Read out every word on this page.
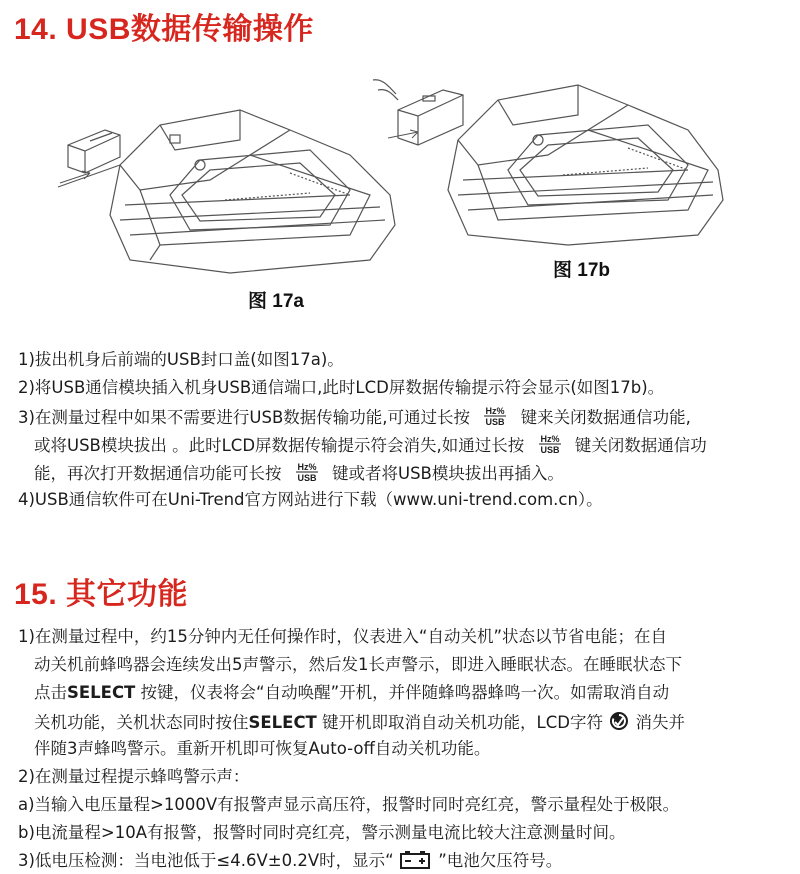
14. USB数据传输操作
图 17a
图 17b
1)拔出机身后前端的USB封口盖(如图17a)。
2)将USB通信模块插入机身USB通信端口,此时LCD屏数据传输提示符会显示(如图17b)。
3)在测量过程中如果不需要进行USB数据传输功能,可通过长按 Hz%
USB 键来关闭数据通信功能,
或将USB模块拔出 。此时LCD屏数据传输提示符会消失,如通过长按 Hz%
USB 键关闭数据通信功
能，再次打开数据通信功能可长按 Hz%
USB 键或者将USB模块拔出再插入。
4)USB通信软件可在Uni-Trend官方网站进行下载（www.uni-trend.com.cn）。
15. 其它功能
1)在测量过程中，约15分钟内无任何操作时，仪表进入“自动关机”状态以节省电能；在自
动关机前蜂鸣器会连续发出5声警示，然后发1长声警示，即进入睡眠状态。在睡眠状态下
点击SELECT 按键，仪表将会“自动唤醒”开机，并伴随蜂鸣器蜂鸣一次。如需取消自动
关机功能，关机状态同时按住SELECT 键开机即取消自动关机功能，LCD字符 消失并
伴随3声蜂鸣警示。重新开机即可恢复Auto-off自动关机功能。
2)在测量过程提示蜂鸣警示声：
a)当输入电压量程>1000V有报警声显示高压符，报警时同时亮红亮，警示量程处于极限。
b)电流量程>10A有报警，报警时同时亮红亮，警示测量电流比较大注意测量时间。
3)低电压检测：当电池低于≤4.6V±0.2V时，显示“	”电池欠压符号。
